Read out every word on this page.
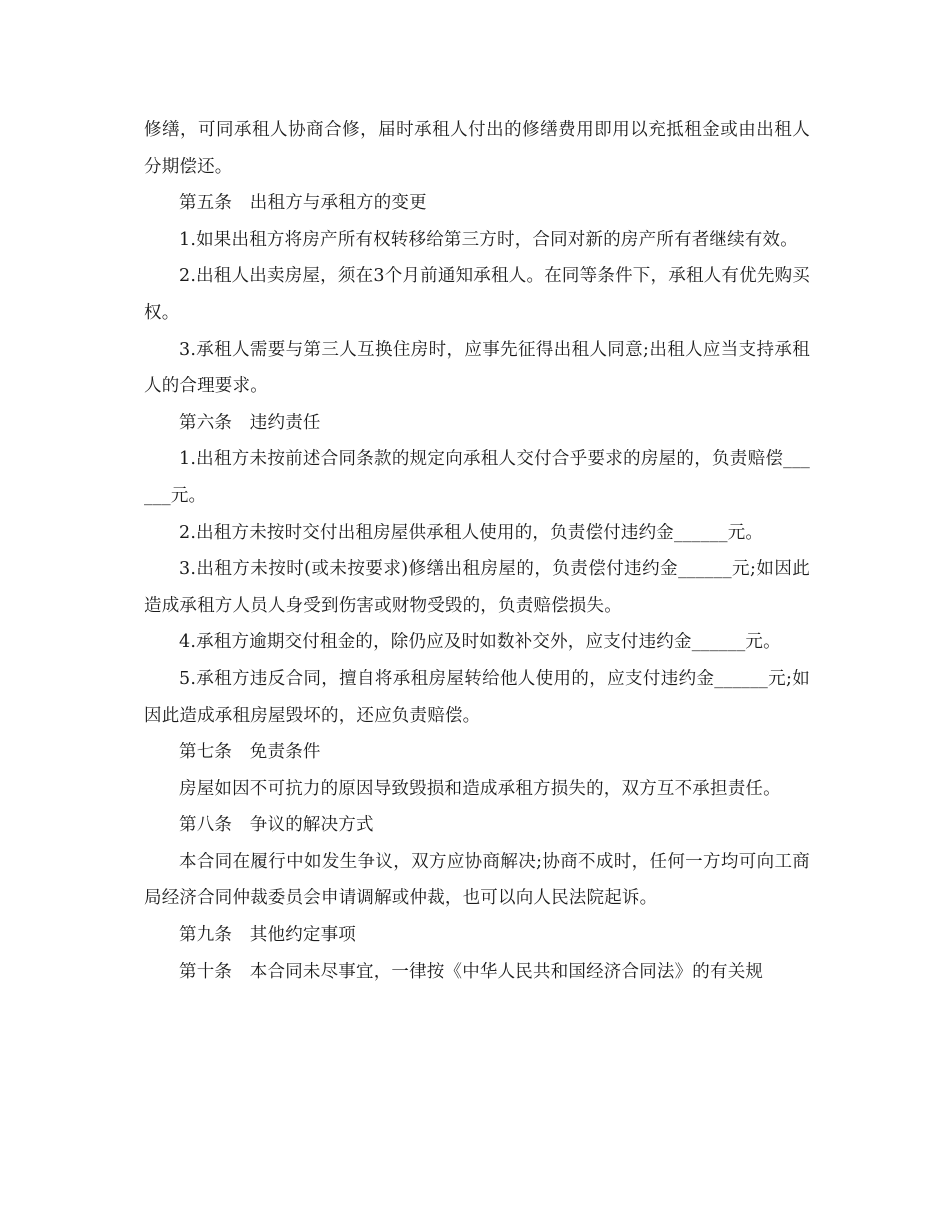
修缮，可同承租人协商合修，届时承租人付出的修缮费用即用以充抵租金或由出租人分期偿还。

第五条　出租方与承租方的变更

1.如果出租方将房产所有权转移给第三方时，合同对新的房产所有者继续有效。

2.出租人出卖房屋，须在3个月前通知承租人。在同等条件下，承租人有优先购买权。

3.承租人需要与第三人互换住房时，应事先征得出租人同意;出租人应当支持承租人的合理要求。

第六条　违约责任

1.出租方未按前述合同条款的规定向承租人交付合乎要求的房屋的，负责赔偿______元。

2.出租方未按时交付出租房屋供承租人使用的，负责偿付违约金______元。

3.出租方未按时(或未按要求)修缮出租房屋的，负责偿付违约金______元;如因此造成承租方人员人身受到伤害或财物受毁的，负责赔偿损失。

4.承租方逾期交付租金的，除仍应及时如数补交外，应支付违约金______元。

5.承租方违反合同，擅自将承租房屋转给他人使用的，应支付违约金______元;如因此造成承租房屋毁坏的，还应负责赔偿。

第七条　免责条件

房屋如因不可抗力的原因导致毁损和造成承租方损失的，双方互不承担责任。

第八条　争议的解决方式

本合同在履行中如发生争议，双方应协商解决;协商不成时，任何一方均可向工商局经济合同仲裁委员会申请调解或仲裁，也可以向人民法院起诉。

第九条　其他约定事项

第十条　本合同未尽事宜，一律按《中华人民共和国经济合同法》的有关规
